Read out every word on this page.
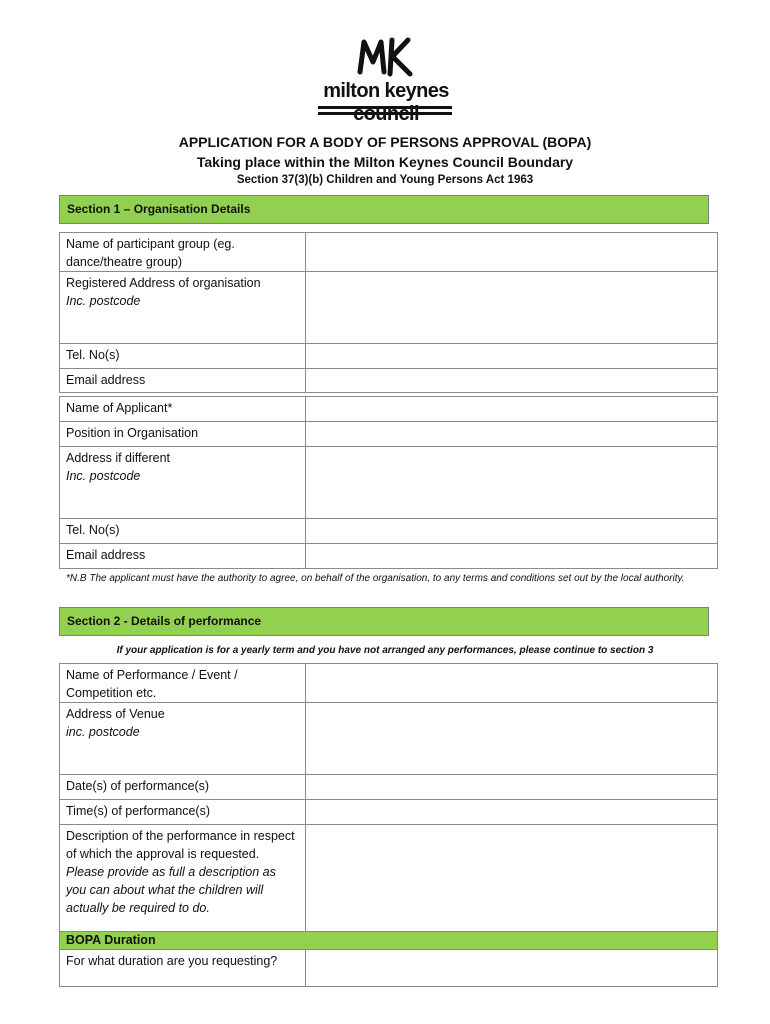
milton keynes
APPLICATION FOR A BODY OF PERSONS APPROVAL (BOPA)
Taking place within the Milton Keynes Council Boundary
Section 37(3)(b) Children and Young Persons Act 1963
Section 1 – Organisation Details
Name of participant group (eg. dance/theatre group)	
Registered Address of organisation
Inc. postcode	
Tel. No(s)	
Email address	
Name of Applicant*	
Position in Organisation	
Address if different
Inc. postcode	
Tel. No(s)	
Email address	
*N.B The applicant must have the authority to agree, on behalf of the organisation, to any terms and conditions set out by the local authority.
Section 2 - Details of performance
If your application is for a yearly term and you have not arranged any performances, please continue to section 3
Name of Performance / Event / Competition etc.	
Address of Venue
inc. postcode	
Date(s) of performance(s)	
Time(s) of performance(s)	
Description of the performance in respect of which the approval is requested.
Please provide as full a description as you can about what the children will actually be required to do.	
BOPA Duration	
For what duration are you requesting?	
